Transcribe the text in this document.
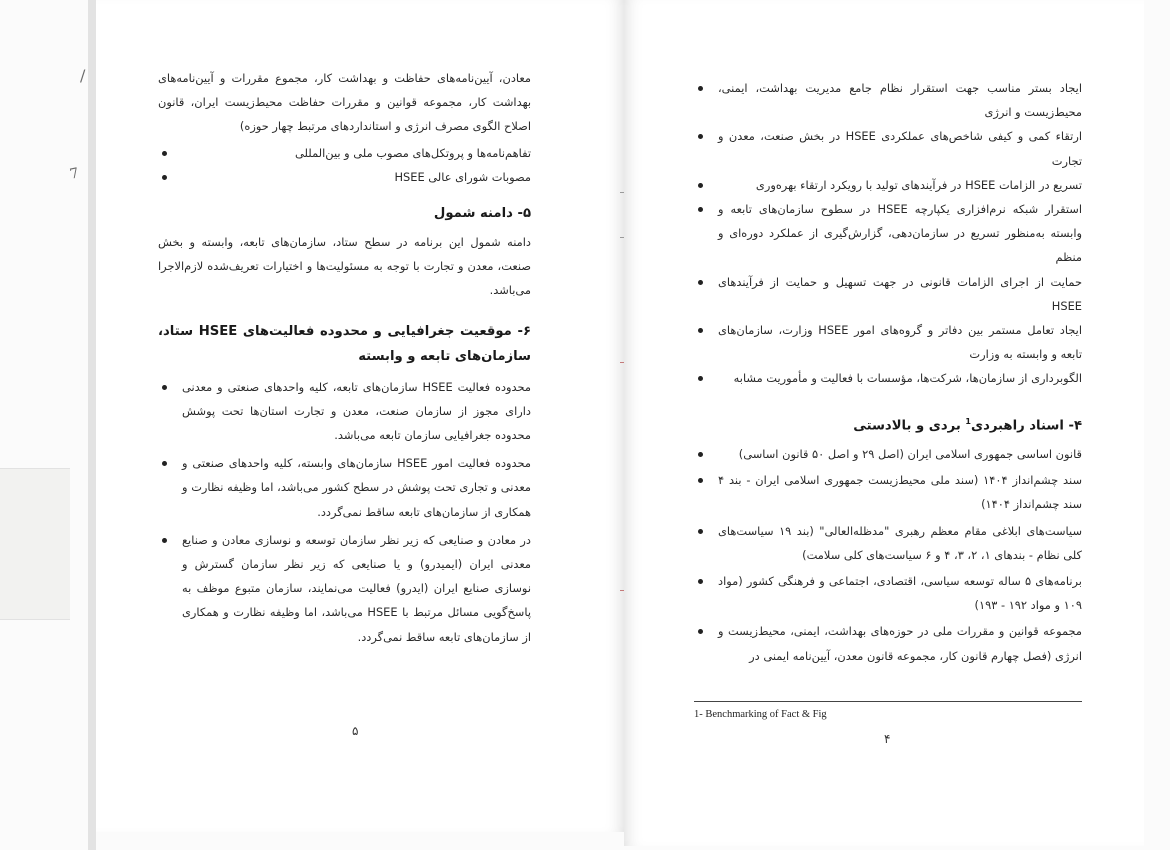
/
7

معادن، آیین‌نامه‌های حفاظت و بهداشت کار، مجموع مقررات و آیین‌نامه‌های بهداشت کار، مجموعه قوانین و مقررات حفاظت محیط‌زیست ایران، قانون اصلاح الگوی مصرف انرژی و استانداردهای مرتبط چهار حوزه)

تفاهم‌نامه‌ها و پروتکل‌های مصوب ملی و بین‌المللی
مصوبات شورای عالی HSEE
۵- دامنه شمول

دامنه شمول این برنامه در سطح ستاد، سازمان‌های تابعه، وابسته و بخش صنعت، معدن و تجارت با توجه به مسئولیت‌ها و اختیارات تعریف‌شده لازم‌الاجرا می‌باشد.

۶- موقعیت جغرافیایی و محدوده فعالیت‌های HSEE ستاد، سازمان‌های تابعه و وابسته
محدوده فعالیت HSEE سازمان‌های تابعه، کلیه واحدهای صنعتی و معدنی دارای مجوز از سازمان صنعت، معدن و تجارت استان‌ها تحت پوشش محدوده جغرافیایی سازمان تابعه می‌باشد.
محدوده فعالیت امور HSEE سازمان‌های وابسته، کلیه واحدهای صنعتی و معدنی و تجاری تحت پوشش در سطح کشور می‌باشد، اما وظیفه نظارت و همکاری از سازمان‌های تابعه ساقط نمی‌گردد.
در معادن و صنایعی که زیر نظر سازمان توسعه و نوسازی معادن و صنایع معدنی ایران (ایمیدرو) و یا صنایعی که زیر نظر سازمان گسترش و نوسازی صنایع ایران (ایدرو) فعالیت می‌نمایند، سازمان متبوع موظف به پاسخ‌گویی مسائل مرتبط با HSEE می‌باشد، اما وظیفه نظارت و همکاری از سازمان‌های تابعه ساقط نمی‌گردد.
ایجاد بستر مناسب جهت استقرار نظام جامع مدیریت بهداشت، ایمنی، محیط‌زیست و انرژی
ارتقاء کمی و کیفی شاخص‌های عملکردی HSEE در بخش صنعت، معدن و تجارت
تسریع در الزامات HSEE در فرآیندهای تولید با رویکرد ارتقاء بهره‌وری
استقرار شبکه نرم‌افزاری یکپارچه HSEE در سطوح سازمان‌های تابعه و وابسته به‌منظور تسریع در سازمان‌دهی، گزارش‌گیری از عملکرد دوره‌ای و منظم
حمایت از اجرای الزامات قانونی در جهت تسهیل و حمایت از فرآیندهای HSEE
ایجاد تعامل مستمر بین دفاتر و گروه‌های امور HSEE وزارت، سازمان‌های تابعه و وابسته به وزارت
الگوبرداری از سازمان‌ها، شرکت‌ها، مؤسسات با فعالیت و مأموریت مشابه
۴- اسناد راهبردی$^1$ بردی و بالادستی
قانون اساسی جمهوری اسلامی ایران (اصل ۲۹ و اصل ۵۰ قانون اساسی)
سند چشم‌انداز ۱۴۰۴ (سند ملی محیط‌زیست جمهوری اسلامی ایران - بند ۴ سند چشم‌انداز ۱۴۰۴)
سیاست‌های ابلاغی مقام معظم رهبری "مدظله‌العالی" (بند ۱۹ سیاست‌های کلی نظام - بندهای ۱، ۲، ۳، ۴ و ۶ سیاست‌های کلی سلامت)
برنامه‌های ۵ ساله توسعه سیاسی، اقتصادی، اجتماعی و فرهنگی کشور (مواد ۱۰۹ و مواد ۱۹۲ - ۱۹۳)
مجموعه قوانین و مقررات ملی در حوزه‌های بهداشت، ایمنی، محیط‌زیست و انرژی (فصل چهارم قانون کار، مجموعه قانون معدن، آیین‌نامه ایمنی در
1- Benchmarking of Fact & Fig
۵
۴
